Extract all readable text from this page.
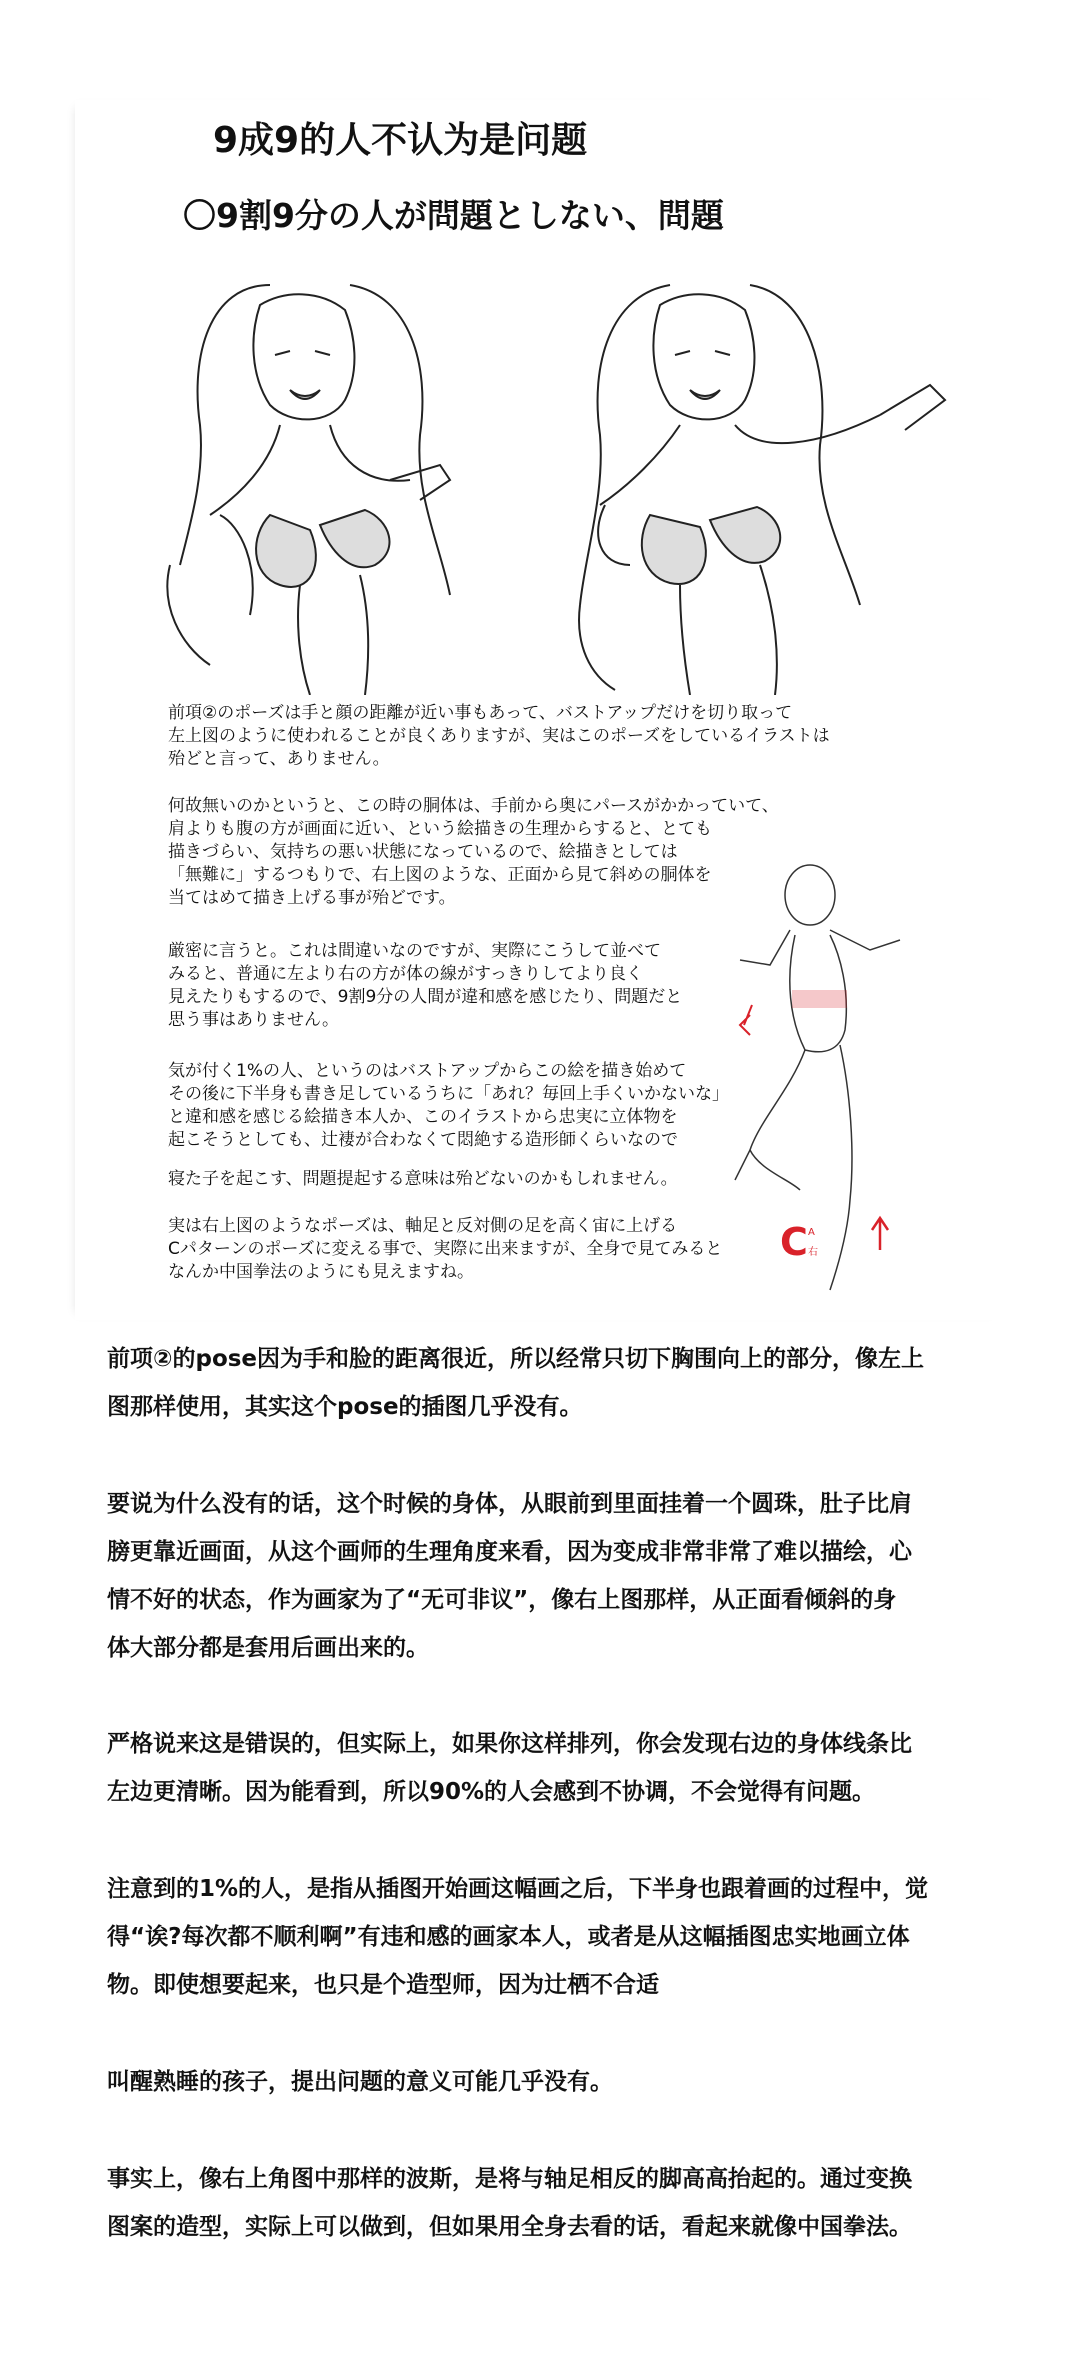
9成9的人不认为是问题
〇9割9分の人が問題としない、問題

前項②のポーズは手と顔の距離が近い事もあって、バストアップだけを切り取って
左上図のように使われることが良くありますが、実はこのポーズをしているイラストは
殆どと言って、ありません。

何故無いのかというと、この時の胴体は、手前から奥にパースがかかっていて、
肩よりも腹の方が画面に近い、という絵描きの生理からすると、とても
描きづらい、気持ちの悪い状態になっているので、絵描きとしては
「無難に」するつもりで、右上図のような、正面から見て斜めの胴体を
当てはめて描き上げる事が殆どです。

厳密に言うと。これは間違いなのですが、実際にこうして並べて
みると、普通に左より右の方が体の線がすっきりしてより良く
見えたりもするので、9割9分の人間が違和感を感じたり、問題だと
思う事はありません。

気が付く1%の人、というのはバストアップからこの絵を描き始めて
その後に下半身も書き足しているうちに「あれ？毎回上手くいかないな」
と違和感を感じる絵描き本人か、このイラストから忠実に立体物を
起こそうとしても、辻褄が合わなくて悶絶する造形師くらいなので

寝た子を起こす、問題提起する意味は殆どないのかもしれません。

実は右上図のようなポーズは、軸足と反対側の足を高く宙に上げる
Cパターンのポーズに変える事で、実際に出来ますが、全身で見てみると
なんか中国拳法のようにも見えますね。

C A
右

前项②的pose因为手和脸的距离很近，所以经常只切下胸围向上的部分，像左上
图那样使用，其实这个pose的插图几乎没有。

要说为什么没有的话，这个时候的身体，从眼前到里面挂着一个圆珠，肚子比肩
膀更靠近画面，从这个画师的生理角度来看，因为变成非常非常了难以描绘，心
情不好的状态，作为画家为了“无可非议”，像右上图那样，从正面看倾斜的身
体大部分都是套用后画出来的。

严格说来这是错误的，但实际上，如果你这样排列，你会发现右边的身体线条比
左边更清晰。因为能看到，所以90%的人会感到不协调，不会觉得有问题。

注意到的1%的人，是指从插图开始画这幅画之后，下半身也跟着画的过程中，觉
得“诶?每次都不顺利啊”有违和感的画家本人，或者是从这幅插图忠实地画立体
物。即使想要起来，也只是个造型师，因为辻栖不合适

叫醒熟睡的孩子，提出问题的意义可能几乎没有。

事实上，像右上角图中那样的波斯，是将与轴足相反的脚高高抬起的。通过变换
图案的造型，实际上可以做到，但如果用全身去看的话，看起来就像中国拳法。
